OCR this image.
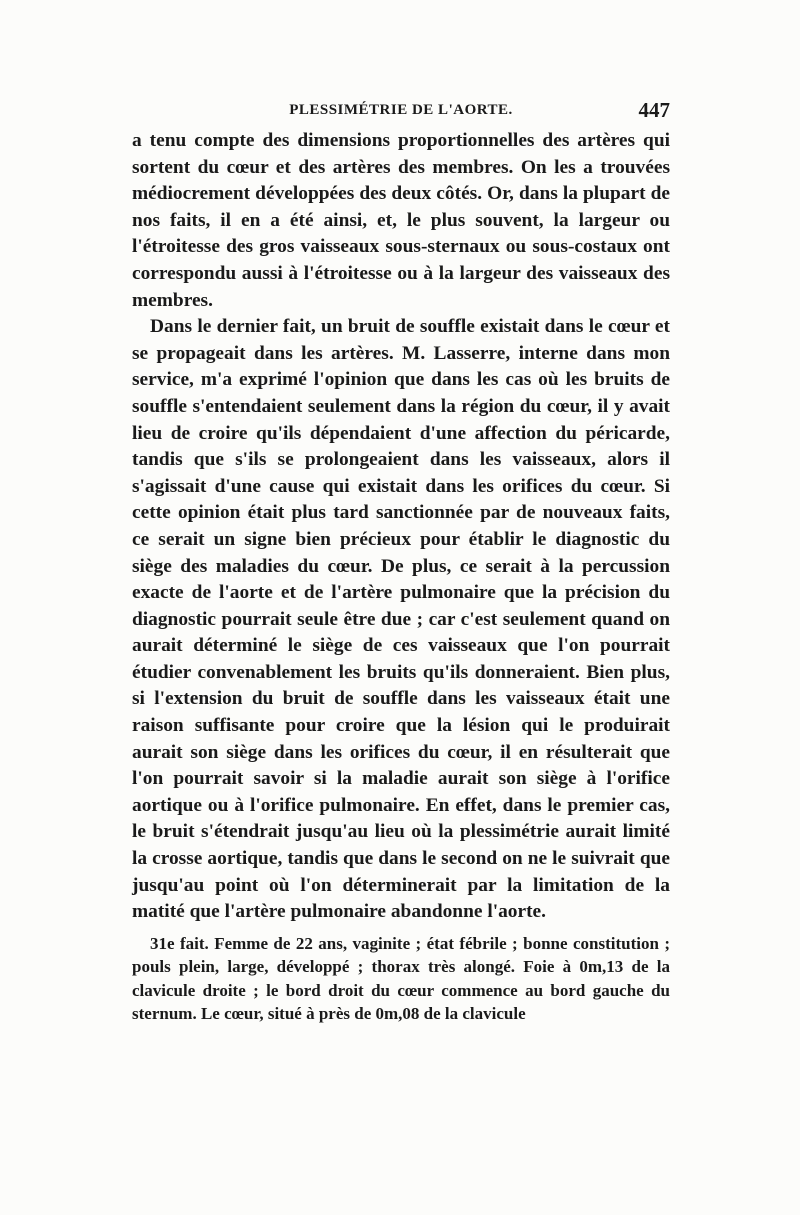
PLESSIMÉTRIE DE L'AORTE.	447

a tenu compte des dimensions proportionnelles des artères qui sortent du cœur et des artères des membres. On les a trouvées médiocrement développées des deux côtés. Or, dans la plupart de nos faits, il en a été ainsi, et, le plus souvent, la largeur ou l'étroitesse des gros vaisseaux sous-sternaux ou sous-costaux ont correspondu aussi à l'étroitesse ou à la largeur des vaisseaux des membres.

Dans le dernier fait, un bruit de souffle existait dans le cœur et se propageait dans les artères. M. Lasserre, interne dans mon service, m'a exprimé l'opinion que dans les cas où les bruits de souffle s'entendaient seulement dans la région du cœur, il y avait lieu de croire qu'ils dépendaient d'une affection du péricarde, tandis que s'ils se prolongeaient dans les vaisseaux, alors il s'agissait d'une cause qui existait dans les orifices du cœur. Si cette opinion était plus tard sanctionnée par de nouveaux faits, ce serait un signe bien précieux pour établir le diagnostic du siège des maladies du cœur. De plus, ce serait à la percussion exacte de l'aorte et de l'artère pulmonaire que la précision du diagnostic pourrait seule être due ; car c'est seulement quand on aurait déterminé le siège de ces vaisseaux que l'on pourrait étudier convenablement les bruits qu'ils donneraient. Bien plus, si l'extension du bruit de souffle dans les vaisseaux était une raison suffisante pour croire que la lésion qui le produirait aurait son siège dans les orifices du cœur, il en résulterait que l'on pourrait savoir si la maladie aurait son siège à l'orifice aortique ou à l'orifice pulmonaire. En effet, dans le premier cas, le bruit s'étendrait jusqu'au lieu où la plessimétrie aurait limité la crosse aortique, tandis que dans le second on ne le suivrait que jusqu'au point où l'on déterminerait par la limitation de la matité que l'artère pulmonaire abandonne l'aorte.

31e fait. Femme de 22 ans, vaginite ; état fébrile ; bonne constitution ; pouls plein, large, développé ; thorax très alongé. Foie à 0m,13 de la clavicule droite ; le bord droit du cœur commence au bord gauche du sternum. Le cœur, situé à près de 0m,08 de la clavicule
